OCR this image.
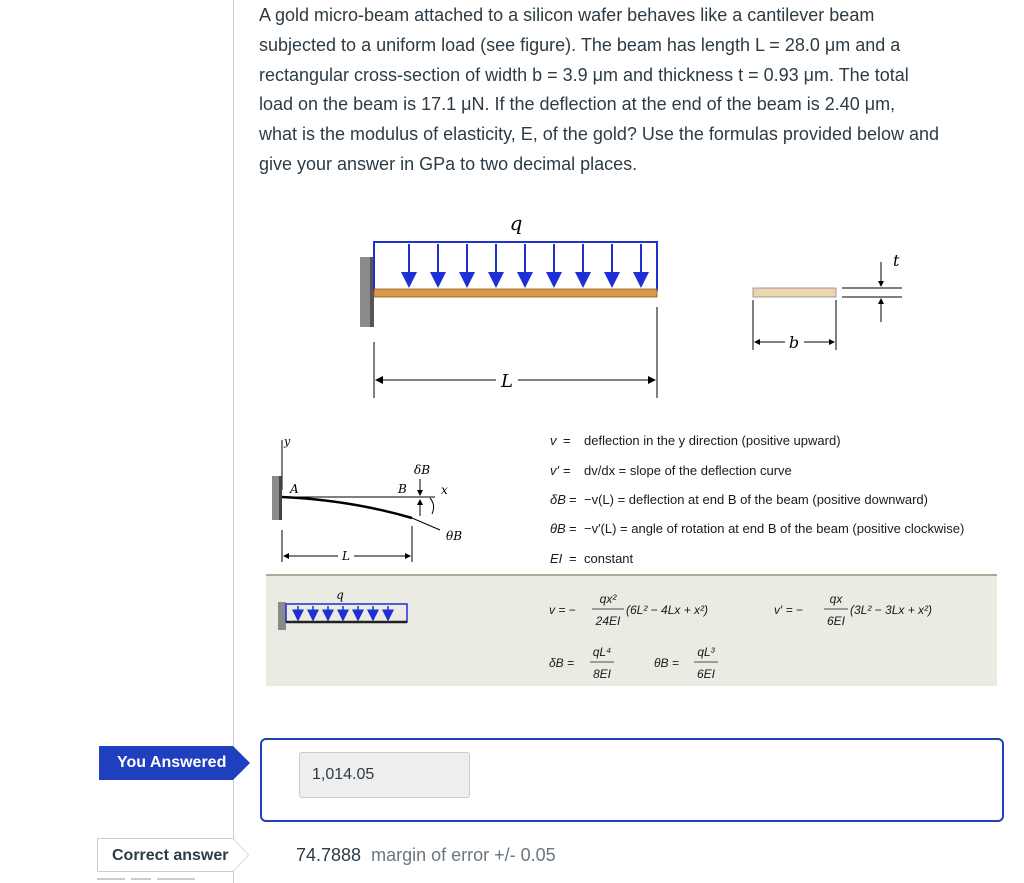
A gold micro-beam attached to a silicon wafer behaves like a cantilever beam

subjected to a uniform load (see figure). The beam has length L = 28.0 μm and a

rectangular cross-section of width b = 3.9 μm and thickness t = 0.93 μm. The total

load on the beam is 17.1 μN. If the deflection at the end of the beam is 2.40 μm,

what is the modulus of elasticity, E, of the gold? Use the formulas provided below and

give your answer in GPa to two decimal places.

q
L
b
t
y
A	B	x
δB
θB
L
v = deflection in the y direction (positive upward)
v′ = dv/dx = slope of the deflection curve
δB = −v(L) = deflection at end B of the beam (positive downward)
θB = −v′(L) = angle of rotation at end B of the beam (positive clockwise)
EI = constant
q
v = −
qx²
24EI
(6L² − 4Lx + x²)	v′ = −
qx
6EI
(3L² − 3Lx + x²)
δB =
qL⁴
8EI
θB =
qL³
6EI
You Answered
1,014.05
Correct answer	74.7888 margin of error +/- 0.05
